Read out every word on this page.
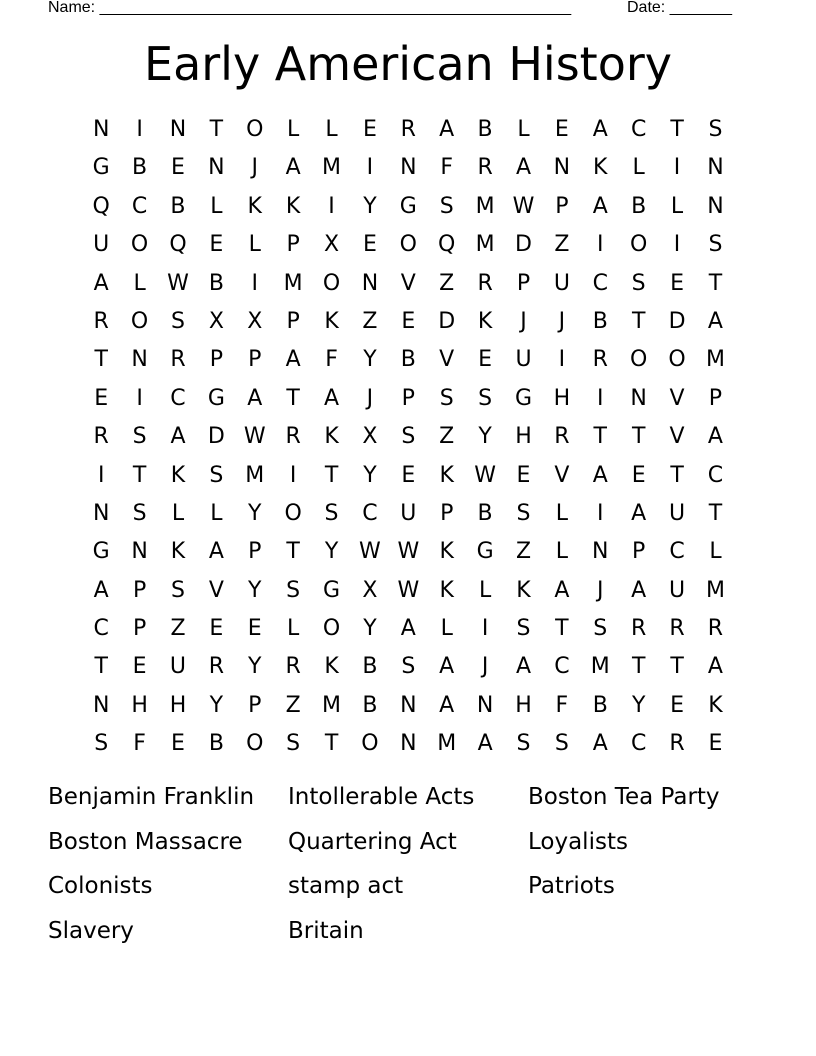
Name: _____________________________________________________	Date: _______
Early American History
N	I	N	T	O	L	L	E	R	A	B	L	E	A	C	T	S
G	B	E	N	J	A M	I	N	F	R	A	N	K	L	I	N
Q	C	B	L	K	K	I	Y	G	S M W P	A	B	L	N
U O Q	E	L	P	X	E	O Q M D	Z	I	O	I	S
A	L W B	I	M O N	V	Z	R	P	U	C	S	E	T
R	O	S	X	X	P	K	Z	E	D	K	J	J	B	T	D	A
T	N	R	P	P	A	F	Y	B	V	E	U	I	R	O O M
E	I	C	G	A	T	A	J	P	S	S	G H	I	N	V	P
R	S	A	D W R	K	X	S	Z	Y	H	R	T	T	V	A
I	T	K	S M	I	T	Y	E	K W E	V	A	E	T	C
N	S	L	L	Y	O	S	C	U	P	B	S	L	I	A	U	T
G N	K	A	P	T	Y W W K	G	Z	L	N	P	C	L
A	P	S	V	Y	S	G	X W K	L	K	A	J	A	U M
C	P	Z	E	E	L	O	Y	A	L	I	S	T	S	R	R	R
T	E	U	R	Y	R	K	B	S	A	J	A	C M	T	T	A
N H H	Y	P	Z M B	N	A	N H	F	B	Y	E	K
S	F	E	B	O	S	T	O N M A	S	S	A	C	R	E
Benjamin Franklin	Intollerable Acts	Boston Tea Party
Boston Massacre	Quartering Act	Loyalists
Colonists	stamp act	Patriots
Slavery	Britain
